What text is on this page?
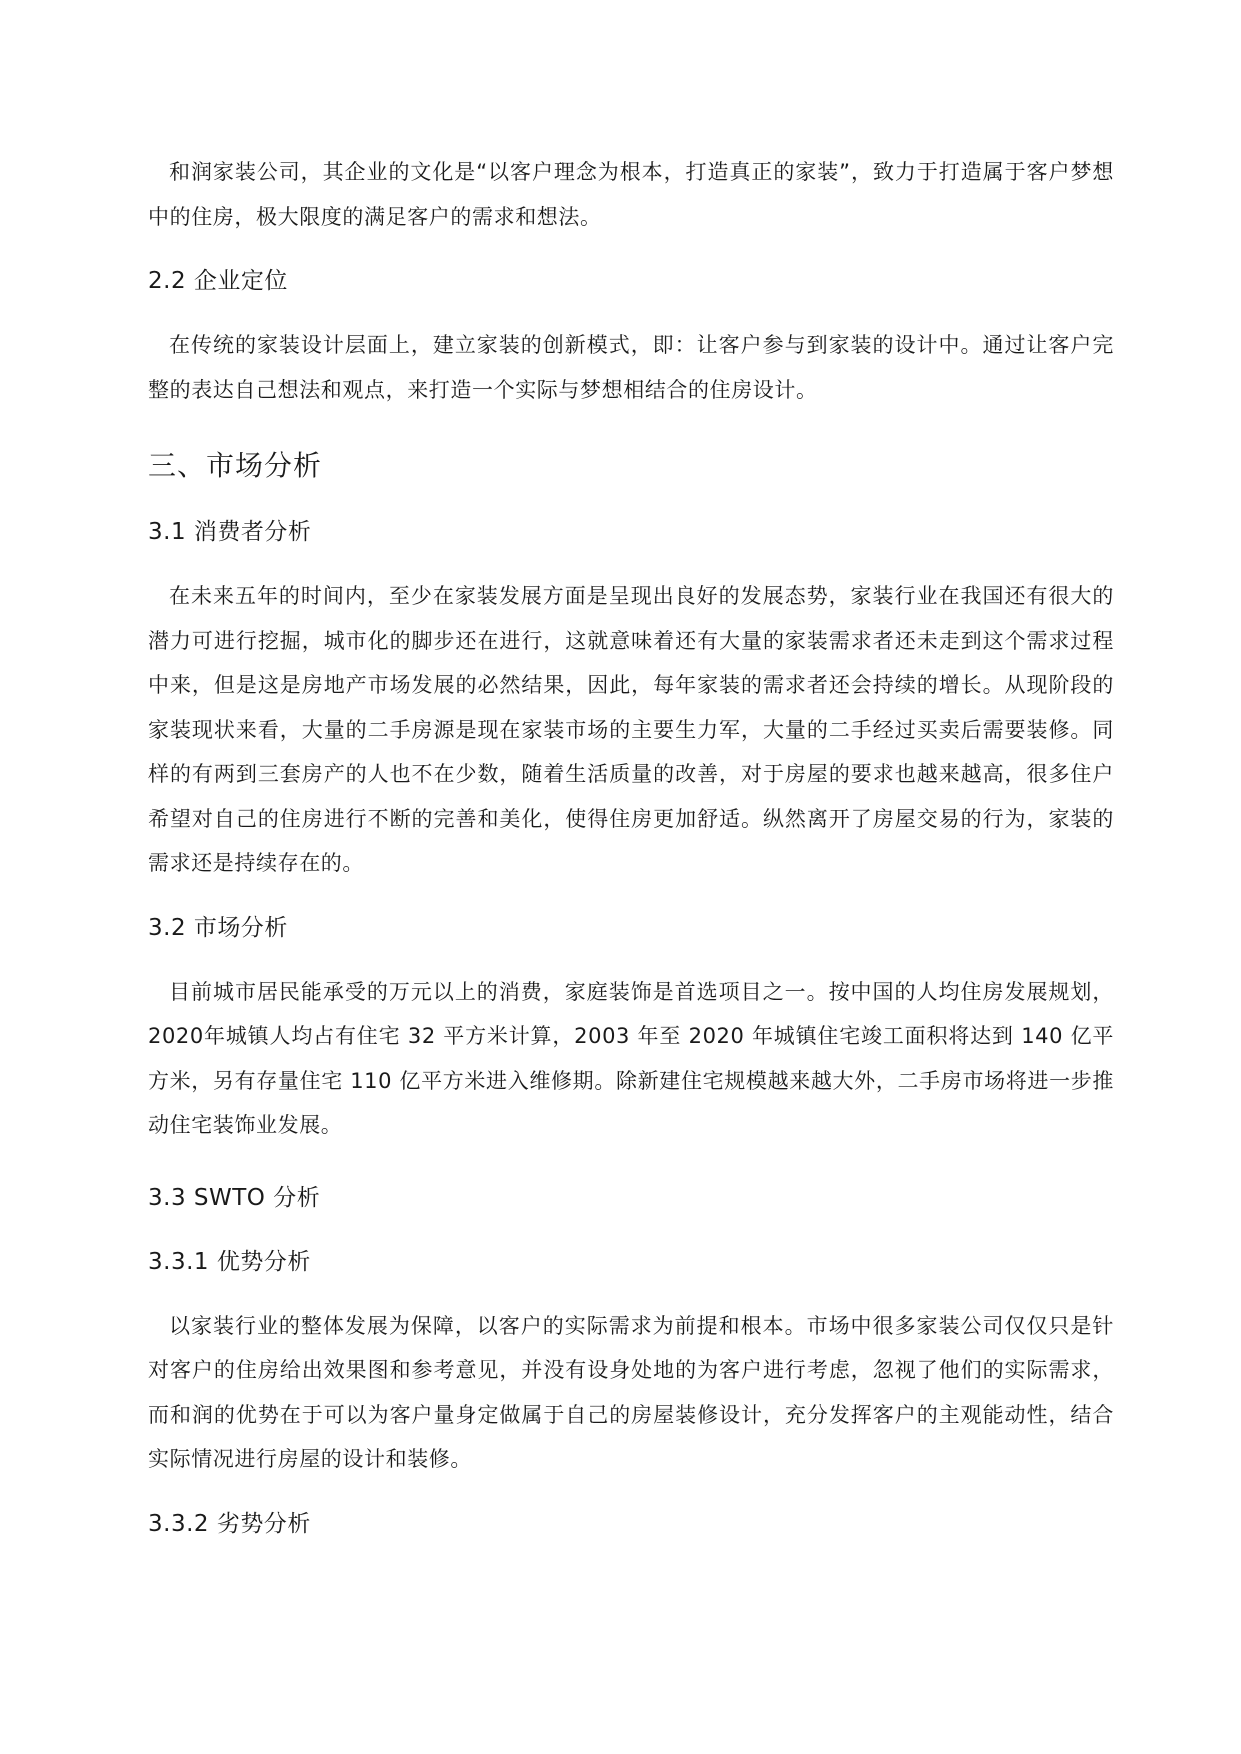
和润家装公司，其企业的文化是“以客户理念为根本，打造真正的家装”，致力于打造属于客户梦想中的住房，极大限度的满足客户的需求和想法。

2.2 企业定位

在传统的家装设计层面上，建立家装的创新模式，即：让客户参与到家装的设计中。通过让客户完整的表达自己想法和观点，来打造一个实际与梦想相结合的住房设计。

三、市场分析
3.1 消费者分析

在未来五年的时间内，至少在家装发展方面是呈现出良好的发展态势，家装行业在我国还有很大的潜力可进行挖掘，城市化的脚步还在进行，这就意味着还有大量的家装需求者还未走到这个需求过程中来，但是这是房地产市场发展的必然结果，因此，每年家装的需求者还会持续的增长。从现阶段的家装现状来看，大量的二手房源是现在家装市场的主要生力军，大量的二手经过买卖后需要装修。同样的有两到三套房产的人也不在少数，随着生活质量的改善，对于房屋的要求也越来越高，很多住户希望对自己的住房进行不断的完善和美化，使得住房更加舒适。纵然离开了房屋交易的行为，家装的需求还是持续存在的。

3.2 市场分析

目前城市居民能承受的万元以上的消费，家庭装饰是首选项目之一。按中国的人均住房发展规划，2020年城镇人均占有住宅 32 平方米计算，2003 年至 2020 年城镇住宅竣工面积将达到 140 亿平方米，另有存量住宅 110 亿平方米进入维修期。除新建住宅规模越来越大外，二手房市场将进一步推动住宅装饰业发展。

3.3 SWTO 分析
3.3.1 优势分析

以家装行业的整体发展为保障，以客户的实际需求为前提和根本。市场中很多家装公司仅仅只是针对客户的住房给出效果图和参考意见，并没有设身处地的为客户进行考虑，忽视了他们的实际需求，而和润的优势在于可以为客户量身定做属于自己的房屋装修设计，充分发挥客户的主观能动性，结合实际情况进行房屋的设计和装修。

3.3.2 劣势分析
